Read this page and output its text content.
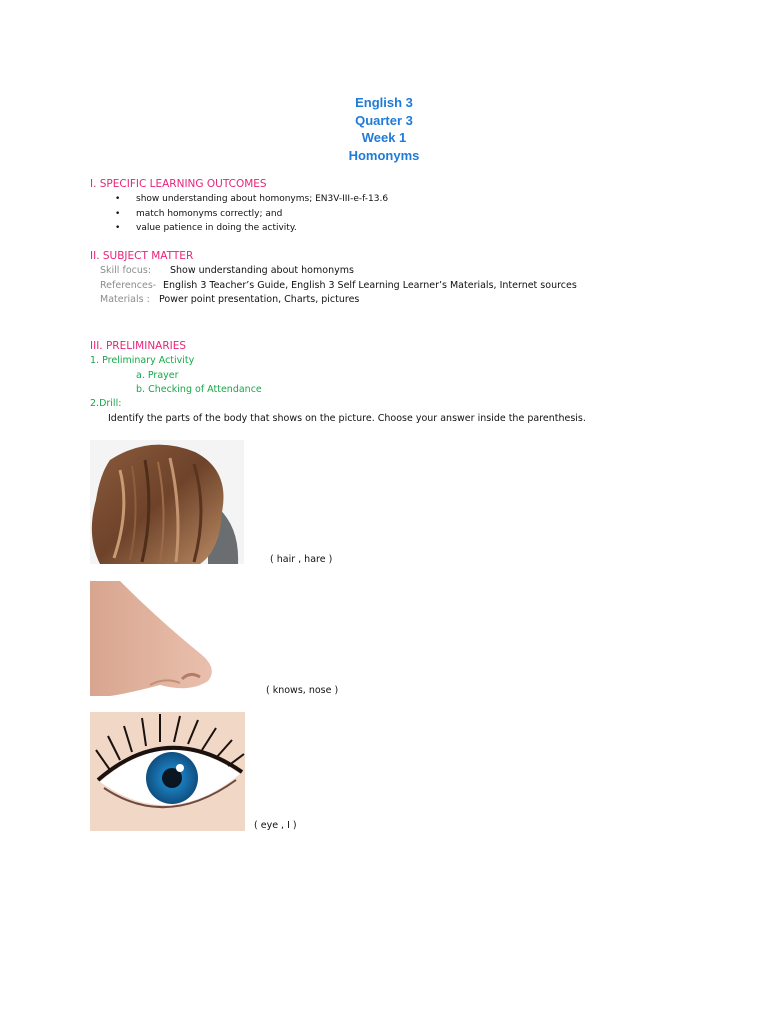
English 3
Quarter 3
Week 1
Homonyms
I. SPECIFIC LEARNING OUTCOMES
• show understanding about homonyms; EN3V-III-e-f-13.6
• match homonyms correctly; and
• value patience in doing the activity.
II. SUBJECT MATTER
Skill focus: Show understanding about homonyms
References- English 3 Teacher’s Guide, English 3 Self Learning Learner’s Materials, Internet sources
Materials : Power point presentation, Charts, pictures
III. PRELIMINARIES
1. Preliminary Activity
a. Prayer
b. Checking of Attendance
2.Drill:
Identify the parts of the body that shows on the picture. Choose your answer inside the parenthesis.
( hair , hare )
( knows, nose )
( eye , I )
